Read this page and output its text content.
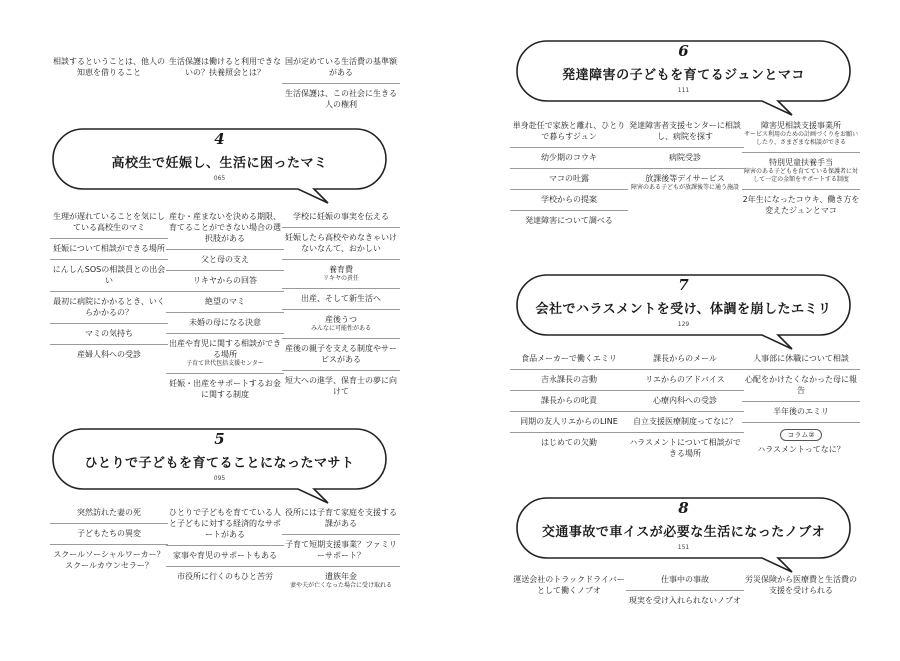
相談するということは、他人の知恵を借りること
生活保護は働けると利用できないの？扶養照会とは？
国が定めている生活費の基準額がある
生活保護は、この社会に生きる人の権利
4
高校生で妊娠し、生活に困ったマミ
065
生理が遅れていることを気にしている高校生のマミ
妊娠について相談ができる場所
にんしんSOSの相談員との出会い
最初に病院にかかるとき、いくらかかるの？
マミの気持ち
産婦人科への受診
産む・産まないを決める期限、育てることができない場合の選択肢がある
父と母の支え
リキヤからの回答
絶望のマミ
未婚の母になる決意
出産や育児に関する相談ができる場所
子育て世代包括支援センター
妊娠・出産をサポートするお金に関する制度
学校に妊娠の事実を伝える
妊娠したら高校やめなきゃいけないなんて、おかしい
養育費
リキヤの責任
出産、そして新生活へ
産後うつ
みんなに可能性がある
産後の親子を支える制度やサービスがある
短大への進学、保育士の夢に向けて
5
ひとりで子どもを育てることになったマサト
095
突然訪れた妻の死
子どもたちの異変
スクールソーシャルワーカー？スクールカウンセラー？
ひとりで子どもを育てている人と子どもに対する経済的なサポートがある
家事や育児のサポートもある
市役所に行くのもひと苦労
役所には子育て家庭を支援する課がある
子育て短期支援事業？ファミリーサポート？
遺族年金
妻や夫が亡くなった場合に受け取れる
6
発達障害の子どもを育てるジュンとマコ
111
単身赴任で家族と離れ、ひとりで暮らすジュン
幼少期のコウキ
マコの吐露
学校からの提案
発達障害について調べる
発達障害者支援センターに相談し、病院を探す
病院受診
放課後等デイサービス
障害のある子どもが放課後等に通う施設
障害児相談支援事業所
サービス利用のための計画づくりをお願いしたり、さまざまな相談ができる
特別児童扶養手当
障害のある子どもを育てている保護者に対して一定の金額をサポートする制度
2年生になったコウキ、働き方を変えたジュンとマコ
7
会社でハラスメントを受け、体調を崩したエミリ
129
食品メーカーで働くエミリ
吉永課長の言動
課長からの叱責
同期の友人リエからのLINE
はじめての欠勤
課長からのメール
リエからのアドバイス
心療内科への受診
自立支援医療制度ってなに？
ハラスメントについて相談ができる場所
人事部に休職について相談
心配をかけたくなかった母に報告
半年後のエミリ
コラム②
ハラスメントってなに？
8
交通事故で車イスが必要な生活になったノブオ
151
運送会社のトラックドライバーとして働くノブオ
仕事中の事故
現実を受け入れられないノブオ
労災保険から医療費と生活費の支援を受けられる
